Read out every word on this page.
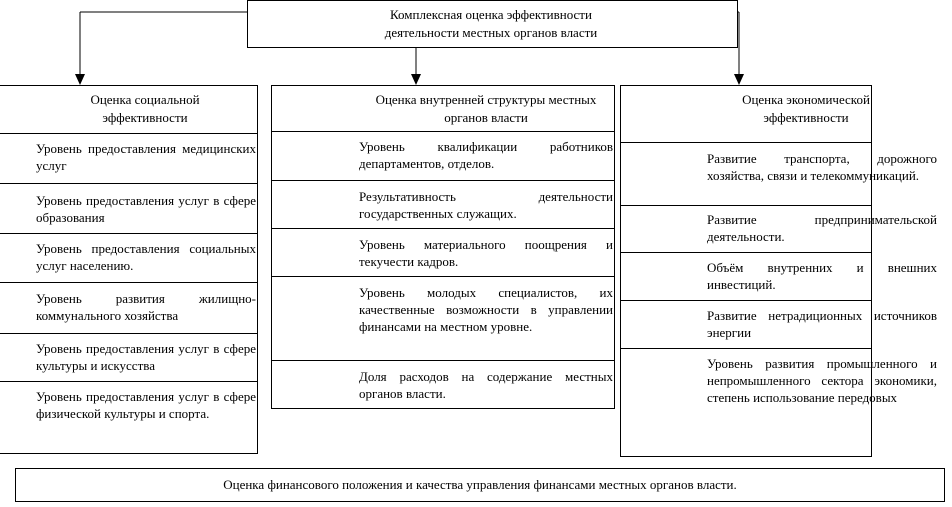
Комплексная оценка эффективности деятельности местных органов власти
Оценка социальной эффективности
Уровень предоставления медицинских услуг
Уровень предоставления услуг в сфере образования
Уровень предоставления социальных услуг населению.
Уровень развития жилищно-коммунального хозяйства
Уровень предоставления услуг в сфере культуры и искусства
Уровень предоставления услуг в сфере физической культуры и спорта.
Оценка внутренней структуры местных органов власти
Уровень квалификации работников департаментов, отделов.
Результативность деятельности государственных служащих.
Уровень материального поощрения и текучести кадров.
Уровень молодых специалистов, их качественные возможности в управлении финансами на местном уровне.
Доля расходов на содержание местных органов власти.
Оценка экономической эффективности
Развитие транспорта, дорожного хозяйства, связи и телекоммуникаций.
Развитие предпринимательской деятельности.
Объём внутренних и внешних инвестиций.
Развитие нетрадиционных источников энергии
Уровень развития промышленного и непромышленного сектора экономики, степень использование передовых
Оценка финансового положения и качества управления финансами местных органов власти.
